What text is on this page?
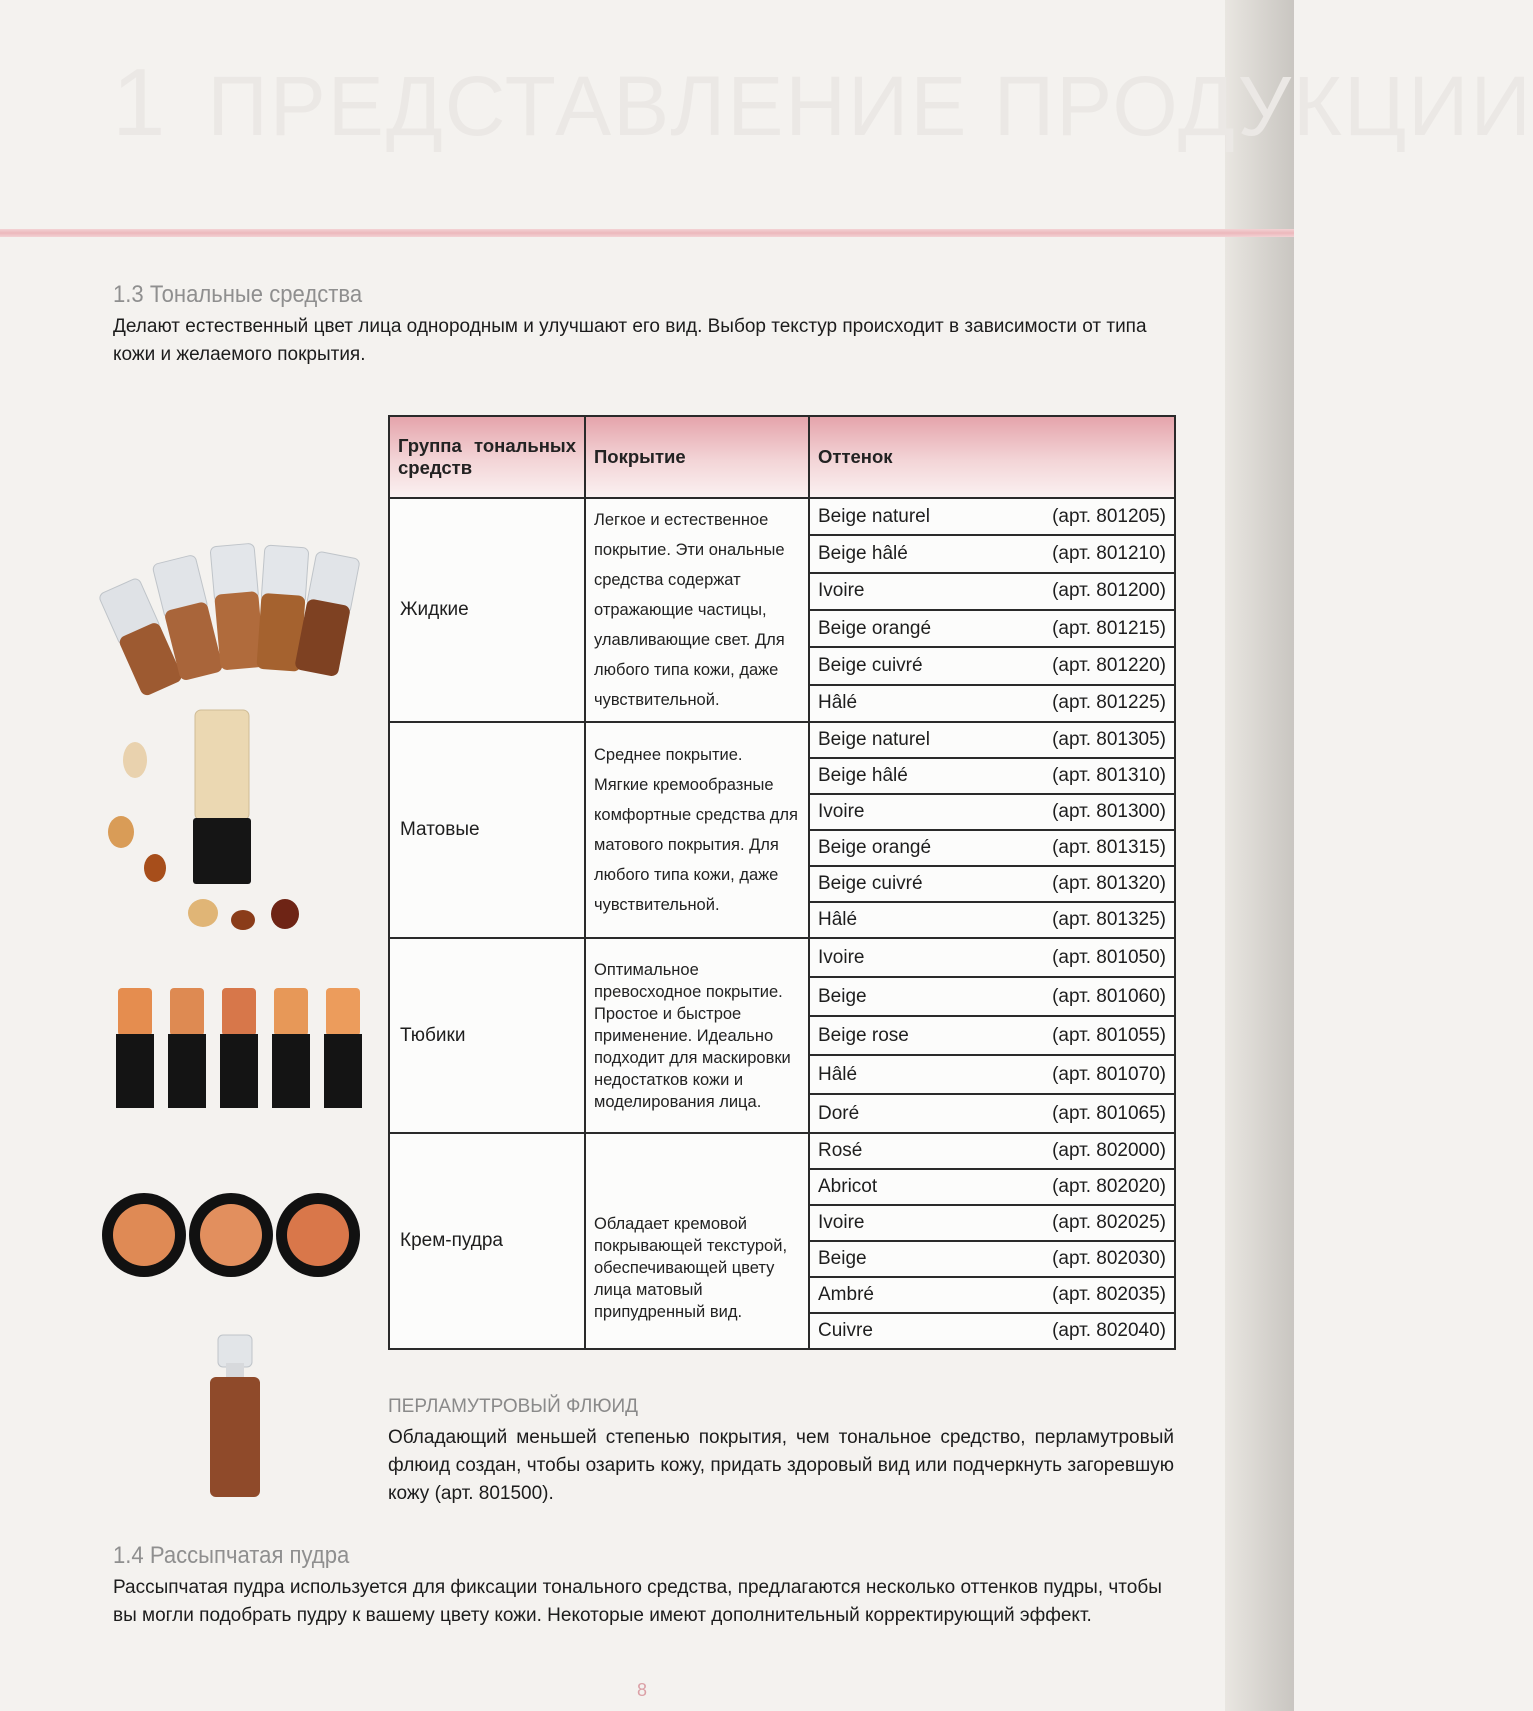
1 ПРЕДСТАВЛЕНИЕ ПРОДУКЦИИ
1.3 Тональные средства
Делают естественный цвет лица однородным и улучшают его вид. Выбор текстур происходит в зависимости от типа кожи и желаемого покрытия.
Группа тональных средств	Покрытие	Оттенок
Жидкие	Легкое и естественное покрытие. Эти ональные средства содержат отражающие частицы, улавливающие свет. Для любого типа кожи, даже чувствительной.	Beige naturel (арт. 801205)

		Beige hâlé (арт. 801210)

		Ivoire (арт. 801200)

		Beige orangé (арт. 801215)

		Beige cuivré (арт. 801220)

		Hâlé (арт. 801225)

Матовые	Среднее покрытие. Мягкие кремообразные комфортные средства для матового покрытия. Для любого типа кожи, даже чувствительной.	Beige naturel (арт. 801305)

		Beige hâlé (арт. 801310)

		Ivoire (арт. 801300)

		Beige orangé (арт. 801315)

		Beige cuivré (арт. 801320)

		Hâlé (арт. 801325)

Тюбики	Оптимальное превосходное покрытие. Простое и быстрое применение. Идеально подходит для маскировки недостатков кожи и моделирования лица.	Ivoire (арт. 801050)

		Beige (арт. 801060)

		Beige rose (арт. 801055)

		Hâlé (арт. 801070)

		Doré (арт. 801065)

Крем-пудра	Обладает кремовой покрывающей текстурой, обеспечивающей цвету лица матовый припудренный вид.	Rosé (арт. 802000)

		Abricot (арт. 802020)

		Ivoire (арт. 802025)

		Beige (арт. 802030)

		Ambré (арт. 802035)

		Cuivre (арт. 802040)
ПЕРЛАМУТРОВЫЙ ФЛЮИД
Обладающий меньшей степенью покрытия, чем тональное средство, перламутровый флюид создан, чтобы озарить кожу, придать здоровый вид или подчеркнуть загоревшую кожу (арт. 801500).
1.4 Рассыпчатая пудра
Рассыпчатая пудра используется для фиксации тонального средства, предлагаются несколько оттенков пудры, чтобы вы могли подобрать пудру к вашему цвету кожи. Некоторые имеют дополнительный корректирующий эффект.
8
